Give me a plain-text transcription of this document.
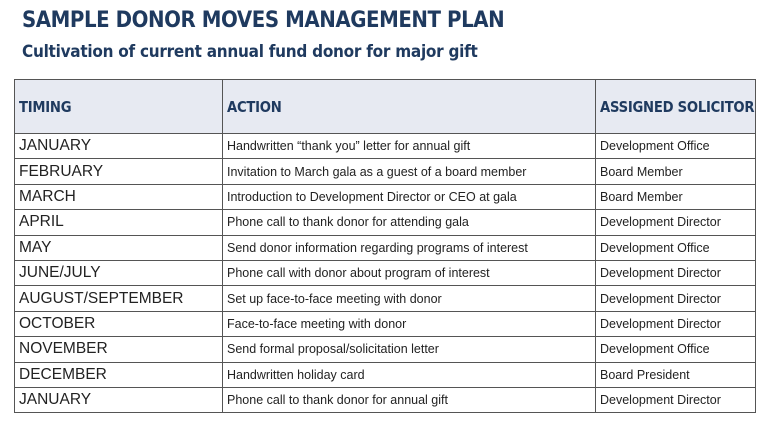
SAMPLE DONOR MOVES MANAGEMENT PLAN
Cultivation of current annual fund donor for major gift
TIMING	ACTION	ASSIGNED SOLICITOR
JANUARY	Handwritten “thank you” letter for annual gift	Development Office
FEBRUARY	Invitation to March gala as a guest of a board member	Board Member
MARCH	Introduction to Development Director or CEO at gala	Board Member
APRIL	Phone call to thank donor for attending gala	Development Director
MAY	Send donor information regarding programs of interest	Development Office
JUNE/JULY	Phone call with donor about program of interest	Development Director
AUGUST/SEPTEMBER	Set up face-to-face meeting with donor	Development Director
OCTOBER	Face-to-face meeting with donor	Development Director
NOVEMBER	Send formal proposal/solicitation letter	Development Office
DECEMBER	Handwritten holiday card	Board President
JANUARY	Phone call to thank donor for annual gift	Development Director
